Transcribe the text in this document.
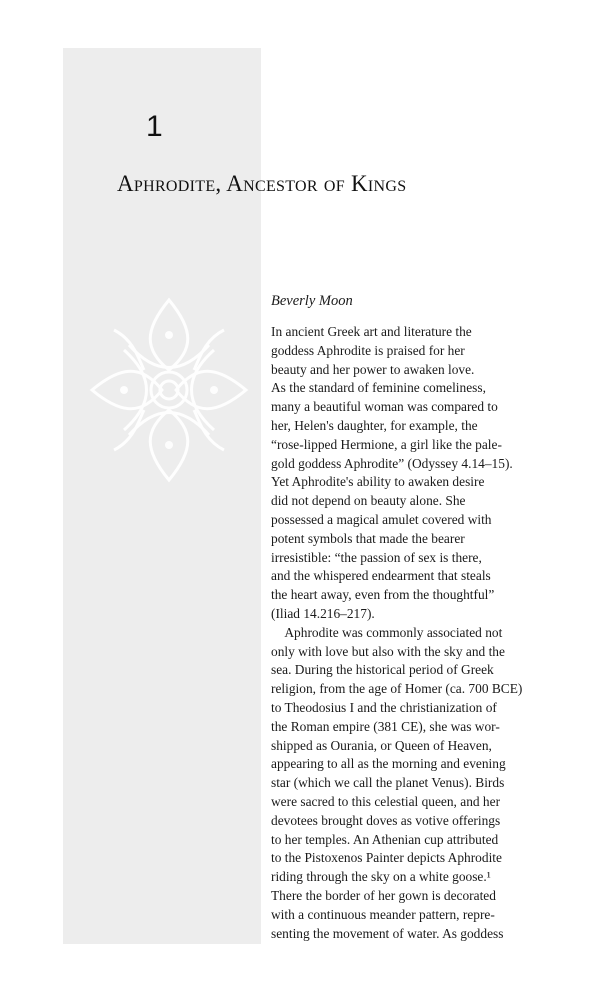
1
Aphrodite, Ancestor of Kings
Beverly Moon
In ancient Greek art and literature the
goddess Aphrodite is praised for her
beauty and her power to awaken love.
As the standard of feminine comeliness,
many a beautiful woman was compared to
her, Helen's daughter, for example, the
“rose-lipped Hermione, a girl like the pale-
gold goddess Aphrodite” (Odyssey 4.14–15).
Yet Aphrodite's ability to awaken desire
did not depend on beauty alone. She
possessed a magical amulet covered with
potent symbols that made the bearer
irresistible: “the passion of sex is there,
and the whispered endearment that steals
the heart away, even from the thoughtful”
(Iliad 14.216–217).
 Aphrodite was commonly associated not
only with love but also with the sky and the
sea. During the historical period of Greek
religion, from the age of Homer (ca. 700 BCE)
to Theodosius I and the christianization of
the Roman empire (381 CE), she was wor-
shipped as Ourania, or Queen of Heaven,
appearing to all as the morning and evening
star (which we call the planet Venus). Birds
were sacred to this celestial queen, and her
devotees brought doves as votive offerings
to her temples. An Athenian cup attributed
to the Pistoxenos Painter depicts Aphrodite
riding through the sky on a white goose.¹
There the border of her gown is decorated
with a continuous meander pattern, repre-
senting the movement of water. As goddess
